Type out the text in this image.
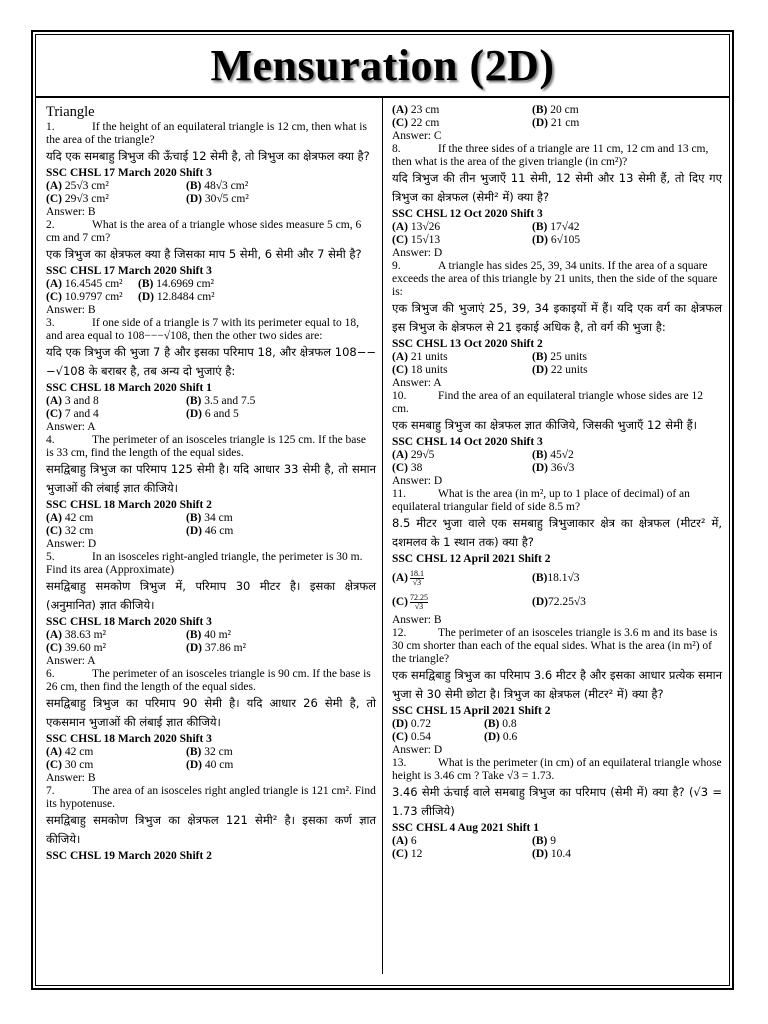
Mensuration (2D)
Triangle

1.	If the height of an equilateral triangle is 12 cm, then what is the area of the triangle?

यदि एक समबाहु त्रिभुज की ऊँचाई 12 सेमी है, तो त्रिभुज का क्षेत्रफल क्या है?
SSC CHSL 17 March 2020 Shift 3
(A) 25√3 cm²	(B) 48√3 cm²
(C) 29√3 cm²	(D) 30√5 cm²
Answer: B

2.	What is the area of a triangle whose sides measure 5 cm, 6 cm and 7 cm?

एक त्रिभुज का क्षेत्रफल क्या है जिसका माप 5 सेमी, 6 सेमी और 7 सेमी है?
SSC CHSL 17 March 2020 Shift 3
(A) 16.4545 cm²	(B) 14.6969 cm²
(C) 10.9797 cm²	(D) 12.8484 cm²
Answer: B

3.	If one side of a triangle is 7 with its perimeter equal to 18, and area equal to 108−−−√108, then the other two sides are:

यदि एक त्रिभुज की भुजा 7 है और इसका परिमाप 18, और क्षेत्रफल 108−−−√108 के बराबर है, तब अन्य दो भुजाएं है:
SSC CHSL 18 March 2020 Shift 1
(A) 3 and 8	(B) 3.5 and 7.5
(C) 7 and 4	(D) 6 and 5
Answer: A

4.	The perimeter of an isosceles triangle is 125 cm. If the base is 33 cm, find the length of the equal sides.

समद्विबाहु त्रिभुज का परिमाप 125 सेमी है। यदि आधार 33 सेमी है, तो समान भुजाओं की लंबाई ज्ञात कीजिये।
SSC CHSL 18 March 2020 Shift 2
(A) 42 cm	(B) 34 cm
(C) 32 cm	(D) 46 cm
Answer: D

5.	In an isosceles right-angled triangle, the perimeter is 30 m. Find its area (Approximate)

समद्विबाहु समकोण त्रिभुज में, परिमाप 30 मीटर है। इसका क्षेत्रफल (अनुमानित) ज्ञात कीजिये।
SSC CHSL 18 March 2020 Shift 3
(A) 38.63 m²	(B) 40 m²
(C) 39.60 m²	(D) 37.86 m²
Answer: A

6.	The perimeter of an isosceles triangle is 90 cm. If the base is 26 cm, then find the length of the equal sides.

समद्विबाहु त्रिभुज का परिमाप 90 सेमी है। यदि आधार 26 सेमी है, तो एकसमान भुजाओं की लंबाई ज्ञात कीजिये।
SSC CHSL 18 March 2020 Shift 3
(A) 42 cm	(B) 32 cm
(C) 30 cm	(D) 40 cm
Answer: B

7.	The area of an isosceles right angled triangle is 121 cm². Find its hypotenuse.

समद्विबाहु समकोण त्रिभुज का क्षेत्रफल 121 सेमी² है। इसका कर्ण ज्ञात कीजिये।
SSC CHSL 19 March 2020 Shift 2
(A) 23 cm	(B) 20 cm
(C) 22 cm	(D) 21 cm
Answer: C

8.	If the three sides of a triangle are 11 cm, 12 cm and 13 cm, then what is the area of the given triangle (in cm²)?

यदि त्रिभुज की तीन भुजाएँ 11 सेमी, 12 सेमी और 13 सेमी हैं, तो दिए गए त्रिभुज का क्षेत्रफल (सेमी² में) क्या है?
SSC CHSL 12 Oct 2020 Shift 3
(A) 13√26	(B) 17√42
(C) 15√13	(D) 6√105
Answer: D

9.	A triangle has sides 25, 39, 34 units. If the area of a square exceeds the area of this triangle by 21 units, then the side of the square is:

एक त्रिभुज की भुजाएं 25, 39, 34 इकाइयों में हैं। यदि एक वर्ग का क्षेत्रफल इस त्रिभुज के क्षेत्रफल से 21 इकाई अधिक है, तो वर्ग की भुजा है:
SSC CHSL 13 Oct 2020 Shift 2
(A) 21 units	(B) 25 units
(C) 18 units	(D) 22 units
Answer: A

10.	Find the area of an equilateral triangle whose sides are 12 cm.

एक समबाहु त्रिभुज का क्षेत्रफल ज्ञात कीजिये, जिसकी भुजाएँ 12 सेमी हैं।
SSC CHSL 14 Oct 2020 Shift 3
(A) 29√5	(B) 45√2
(C) 38	(D) 36√3
Answer: D

11.	What is the area (in m², up to 1 place of decimal) of an equilateral triangular field of side 8.5 m?

8.5 मीटर भुजा वाले एक समबाहु त्रिभुजाकार क्षेत्र का क्षेत्रफल (मीटर² में, दशमलव के 1 स्थान तक) क्या है?
SSC CHSL 12 April 2021 Shift 2
$(A) \frac{18.1}{√3}$	(B) 18.1√3
$(C) \frac{72.25}{√3}$	(D) 72.25√3
Answer: B

12.	The perimeter of an isosceles triangle is 3.6 m and its base is 30 cm shorter than each of the equal sides. What is the area (in m²) of the triangle?

एक समद्विबाहु त्रिभुज का परिमाप 3.6 मीटर है और इसका आधार प्रत्येक समान भुजा से 30 सेमी छोटा है। त्रिभुज का क्षेत्रफल (मीटर² में) क्या है?
SSC CHSL 15 April 2021 Shift 2
(D) 0.72	(B) 0.8
(C) 0.54	(D) 0.6
Answer: D

13.	What is the perimeter (in cm) of an equilateral triangle whose height is 3.46 cm ? Take √3 = 1.73.

3.46 सेमी ऊंचाई वाले समबाहु त्रिभुज का परिमाप (सेमी में) क्या है? (√3 = 1.73 लीजिये)
SSC CHSL 4 Aug 2021 Shift 1
(A) 6	(B) 9
(C) 12	(D) 10.4
